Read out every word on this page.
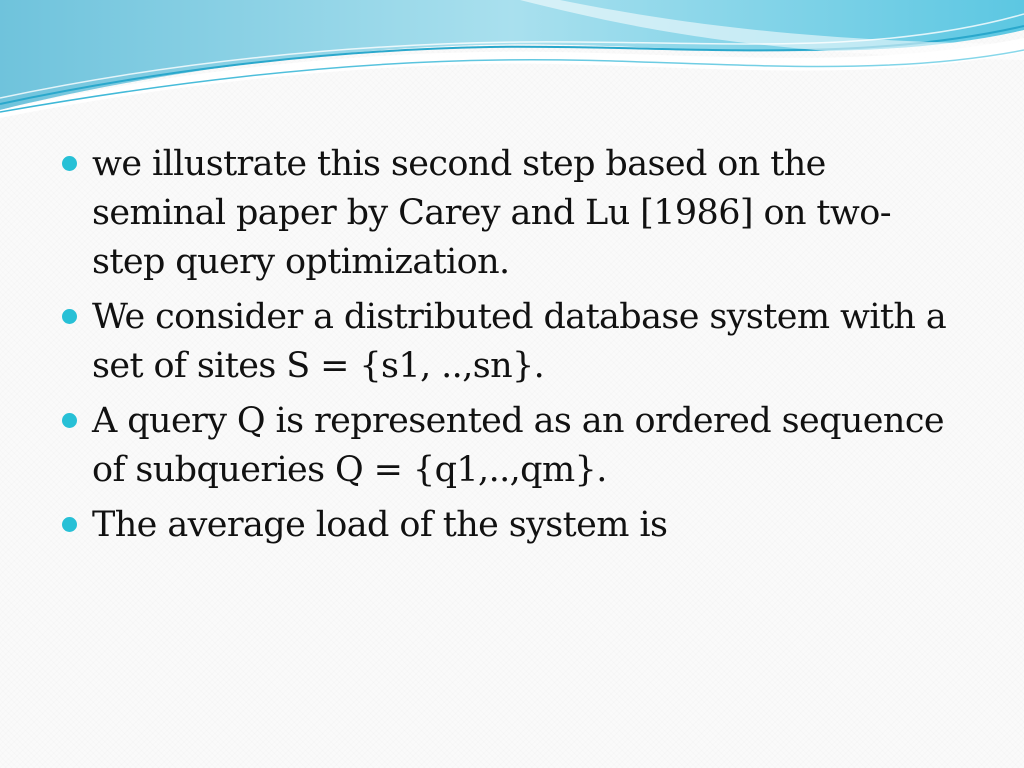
we illustrate this second step based on the seminal paper by Carey and Lu [1986] on two-step query optimization.
We consider a distributed database system with a set of sites S = {s1, ..,sn}.
A query Q is represented as an ordered sequence of subqueries Q = {q1,..,qm}.
The average load of the system is
